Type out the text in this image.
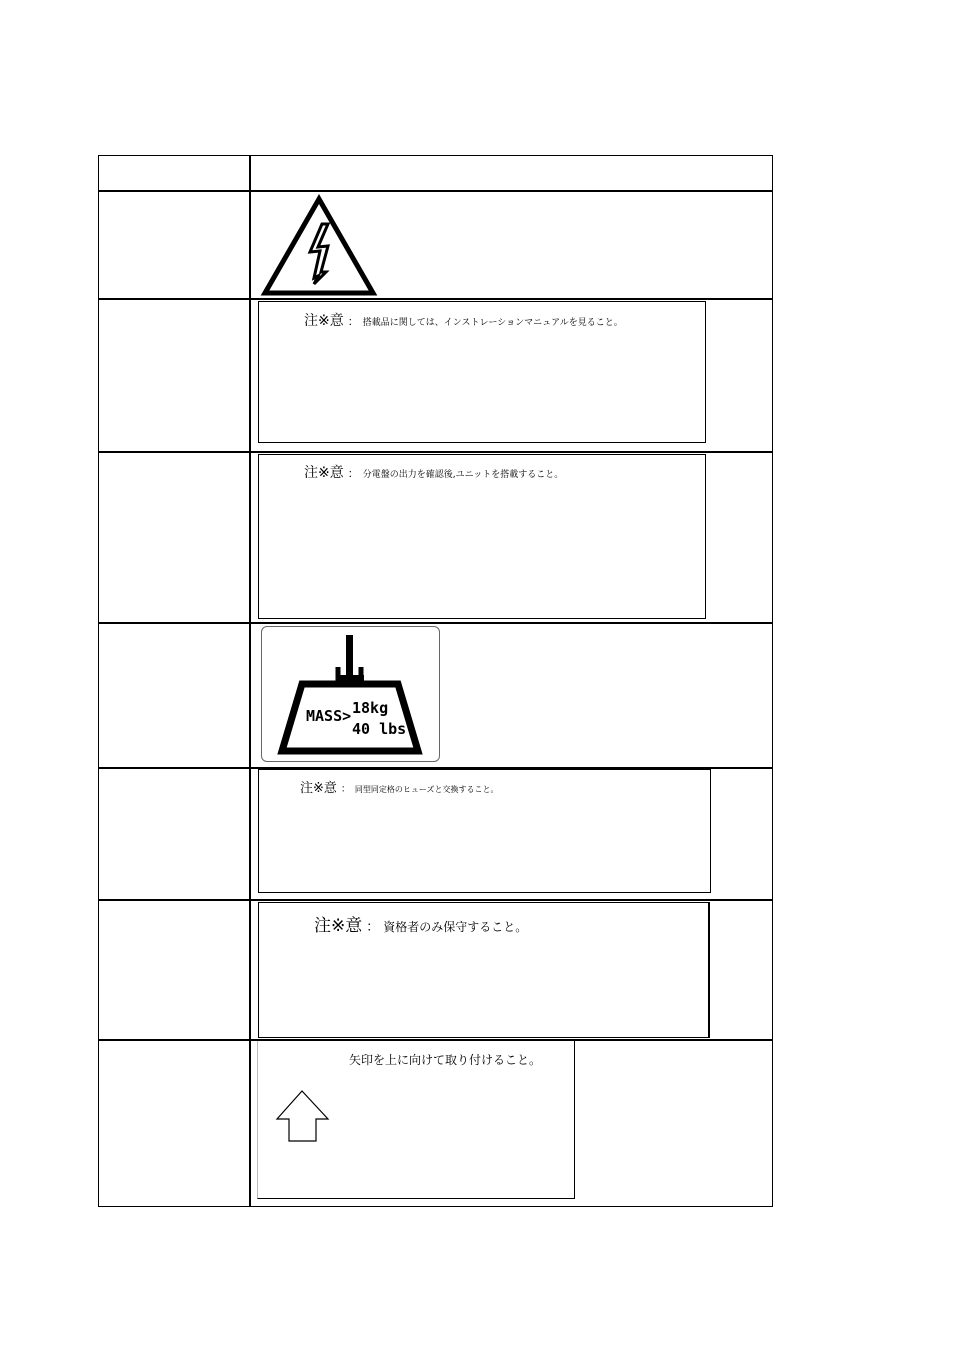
注※意 ： 搭載品に関しては、インストレーションマニュアルを見ること。
注※意 ： 分電盤の出力を確認後,ユニットを搭載すること。
MASS> 18kg
40 lbs
注※意 ： 同型同定格のヒューズと交換すること。
注※意 ： 資格者のみ保守すること。
矢印を上に向けて取り付けること。
